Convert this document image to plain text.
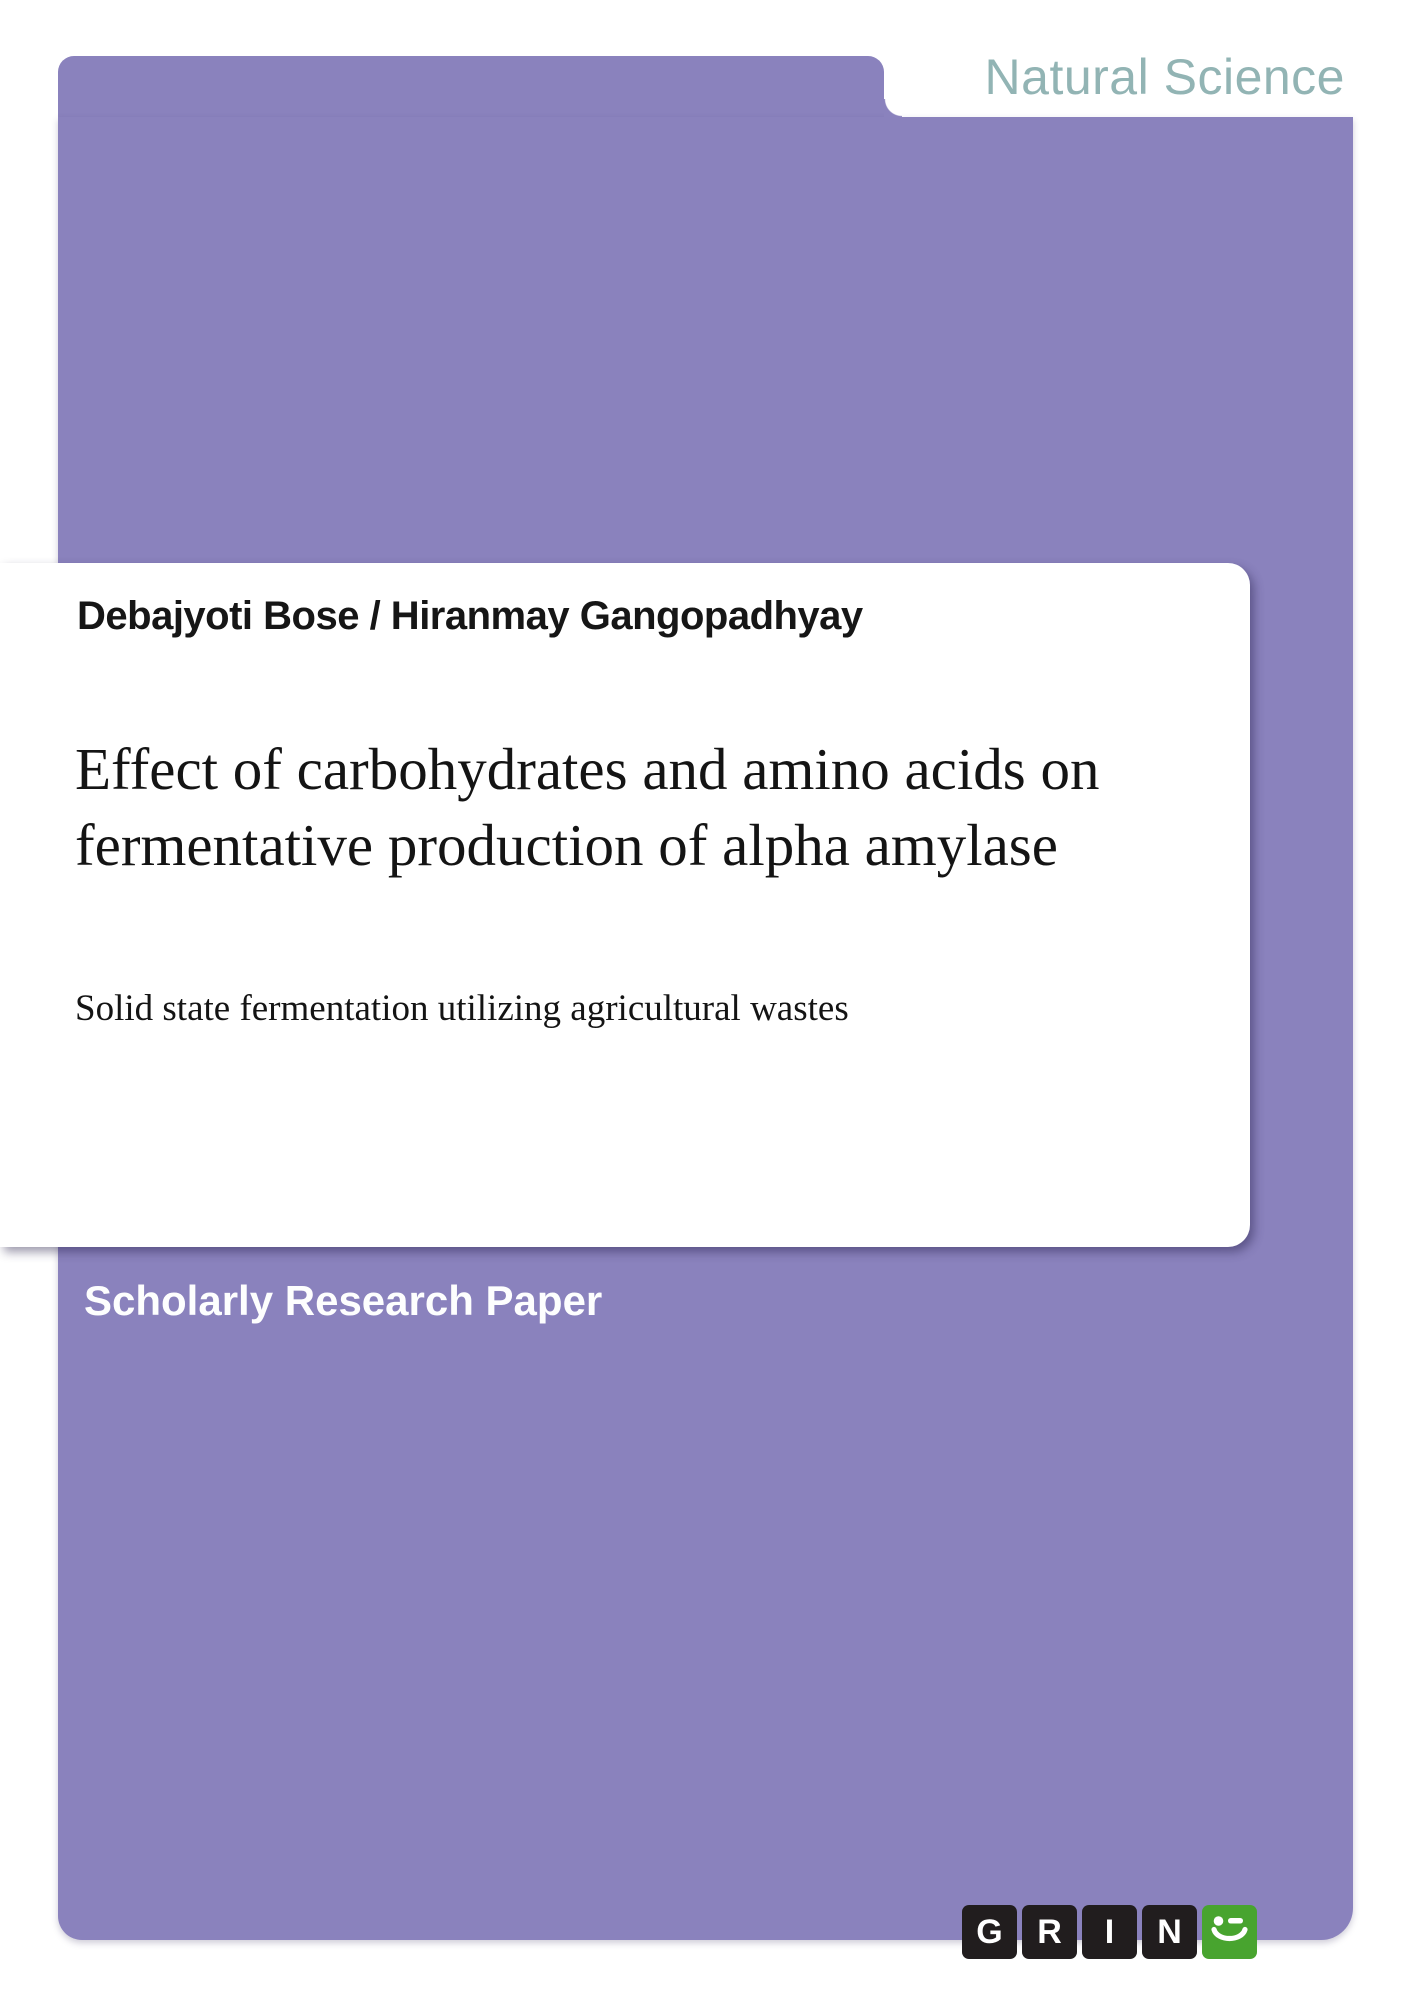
Natural Science
Debajyoti Bose / Hiranmay Gangopadhyay
Effect of carbohydrates and amino acids on fermentative production of alpha amylase
Solid state fermentation utilizing agricultural wastes
Scholarly Research Paper
G	R	I	N
